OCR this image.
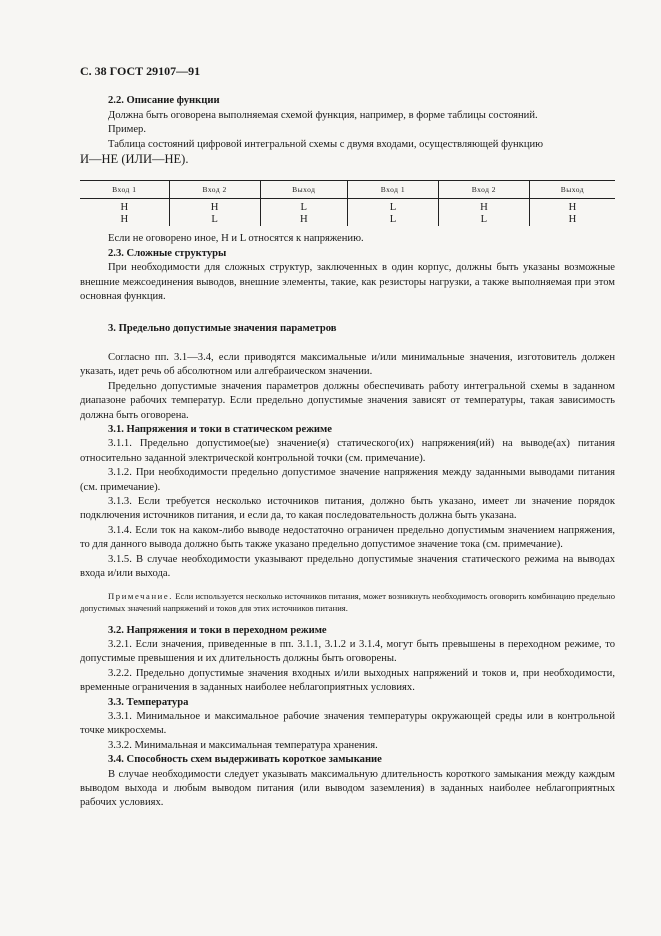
С. 38 ГОСТ 29107—91

2.2. Описание функции

Должна быть оговорена выполняемая схемой функция, например, в форме таблицы состояний.

Пример.

Таблица состояний цифровой интегральной схемы с двумя входами, осуществляющей функцию

И—НЕ (ИЛИ—НЕ).

Вход 1	Вход 2	Выход	Вход 1	Вход 2	Выход
H	H	L	L	H	H
H	L	H	L	L	H

Если не оговорено иное, H и L относятся к напряжению.

2.3. Сложные структуры

При необходимости для сложных структур, заключенных в один корпус, должны быть указаны возможные внешние межсоединения выводов, внешние элементы, такие, как резисторы нагрузки, а также выполняемая при этом основная функция.

3. Предельно допустимые значения параметров

Согласно пп. 3.1—3.4, если приводятся максимальные и/или минимальные значения, изготовитель должен указать, идет речь об абсолютном или алгебраическом значении.

Предельно допустимые значения параметров должны обеспечивать работу интегральной схемы в заданном диапазоне рабочих температур. Если предельно допустимые значения зависят от температуры, такая зависимость должна быть оговорена.

3.1. Напряжения и токи в статическом режиме

3.1.1. Предельно допустимое(ые) значение(я) статического(их) напряжения(ий) на выводе(ах) питания относительно заданной электрической контрольной точки (см. примечание).

3.1.2. При необходимости предельно допустимое значение напряжения между заданными выводами питания (см. примечание).

3.1.3. Если требуется несколько источников питания, должно быть указано, имеет ли значение порядок подключения источников питания, и если да, то какая последовательность должна быть указана.

3.1.4. Если ток на каком-либо выводе недостаточно ограничен предельно допустимым значением напряжения, то для данного вывода должно быть также указано предельно допустимое значение тока (см. примечание).

3.1.5. В случае необходимости указывают предельно допустимые значения статического режима на выводах входа и/или выхода.

Примечание. Если используется несколько источников питания, может возникнуть необходимость оговорить комбинацию предельно допустимых значений напряжений и токов для этих источников питания.

3.2. Напряжения и токи в переходном режиме

3.2.1. Если значения, приведенные в пп. 3.1.1, 3.1.2 и 3.1.4, могут быть превышены в переходном режиме, то допустимые превышения и их длительность должны быть оговорены.

3.2.2. Предельно допустимые значения входных и/или выходных напряжений и токов и, при необходимости, временные ограничения в заданных наиболее неблагоприятных условиях.

3.3. Температура

3.3.1. Минимальное и максимальное рабочие значения температуры окружающей среды или в контрольной точке микросхемы.

3.3.2. Минимальная и максимальная температура хранения.

3.4. Способность схем выдерживать короткое замыкание

В случае необходимости следует указывать максимальную длительность короткого замыкания между каждым выводом выхода и любым выводом питания (или выводом заземления) в заданных наиболее неблагоприятных рабочих условиях.
